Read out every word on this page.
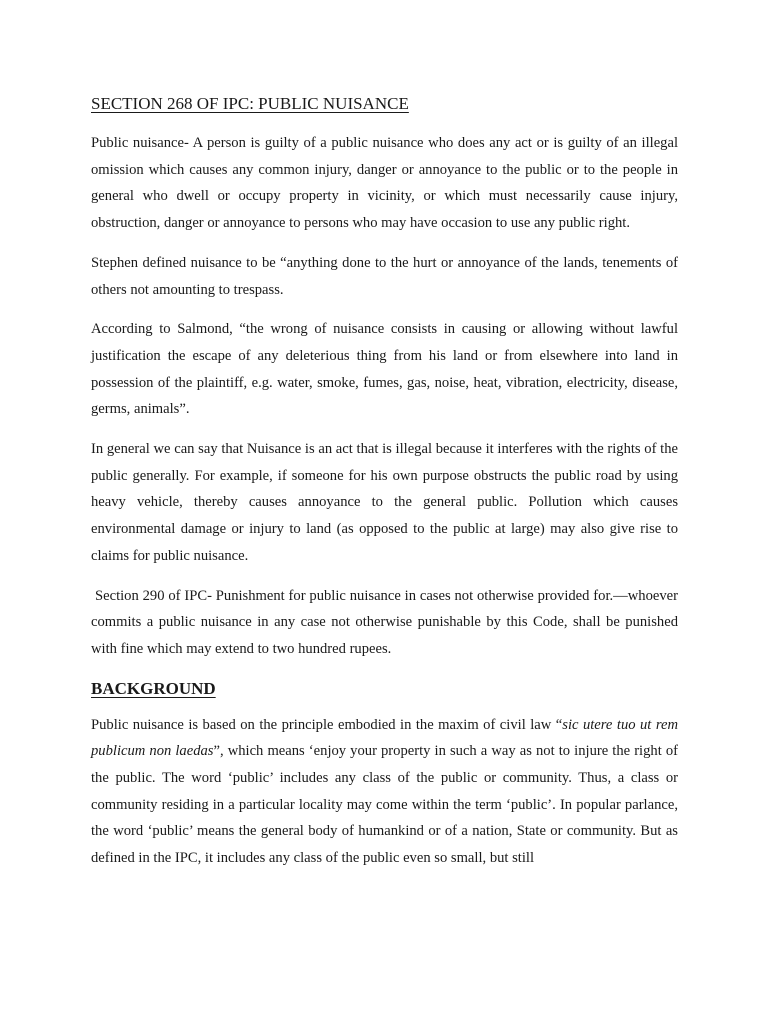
SECTION 268 OF IPC: PUBLIC NUISANCE

Public nuisance- A person is guilty of a public nuisance who does any act or is guilty of an illegal omission which causes any common injury, danger or annoyance to the public or to the people in general who dwell or occupy property in vicinity, or which must necessarily cause injury, obstruction, danger or annoyance to persons who may have occasion to use any public right.

Stephen defined nuisance to be “anything done to the hurt or annoyance of the lands, tenements of others not amounting to trespass.

According to Salmond, “the wrong of nuisance consists in causing or allowing without lawful justification the escape of any deleterious thing from his land or from elsewhere into land in possession of the plaintiff, e.g. water, smoke, fumes, gas, noise, heat, vibration, electricity, disease, germs, animals”.

In general we can say that Nuisance is an act that is illegal because it interferes with the rights of the public generally. For example, if someone for his own purpose obstructs the public road by using heavy vehicle, thereby causes annoyance to the general public. Pollution which causes environmental damage or injury to land (as opposed to the public at large) may also give rise to claims for public nuisance.

Section 290 of IPC- Punishment for public nuisance in cases not otherwise provided for.—whoever commits a public nuisance in any case not otherwise punishable by this Code, shall be punished with fine which may extend to two hundred rupees.

BACKGROUND

Public nuisance is based on the principle embodied in the maxim of civil law “sic utere tuo ut rem publicum non laedas”, which means ‘enjoy your property in such a way as not to injure the right of the public. The word ‘public’ includes any class of the public or community. Thus, a class or community residing in a particular locality may come within the term ‘public’. In popular parlance, the word ‘public’ means the general body of humankind or of a nation, State or community. But as defined in the IPC, it includes any class of the public even so small, but still
